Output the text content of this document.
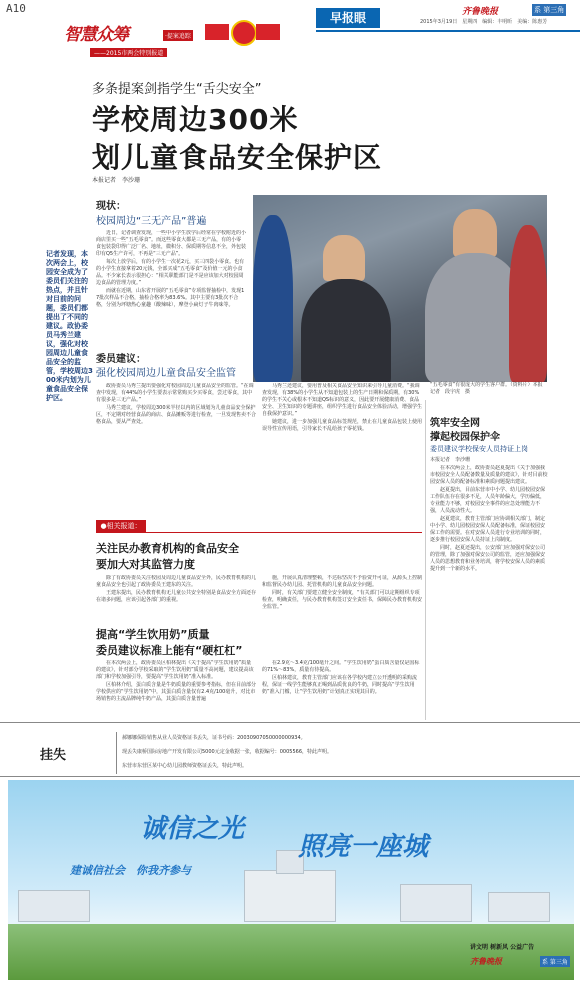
A10
智慧众筹	·提案追踪
——2015市两会特别报道
早报眼	齐鲁晚报	系 第三角
2015年3月19日　星期四　编辑：丰明昕　美编：陈惠芳
多条提案剑指学生“舌尖安全”
学校周边300米
划儿童食品安全保护区
本报记者　李沙珊
记者发现，本次两会上，校园安全成为了委员们关注的热点，并且针对目前的问题，委员们都提出了不同的建议。政协委员马秀兰建议，强化对校园周边儿童食品安全的监管，学校周边300米内划为儿童食品安全保护区。
现状：
校园周边“三无产品”普遍

近日，记者调查发现，一些中小学生放学后经常在学校附近的小商店里买一些“五毛零食”。而这些零食大都是三无产品，有的小零食包装袋印得广泛厂名、地址，微积分、保质期等信息不全，外包装印有Q5生产许可，不再是“三无产品”。

每次上放学后，有的小学生一次花2元，买三四袋小零食。也有的小学生直接拿着20元钱，全部买成“五毛零食”及价值一元的小食品。不少家长表示很担心：“相关职能部门是不是应该加大对校园周边食品的管理力度。”

而就在近期，山东省开展的“五毛零食”专项监督抽检中，发现17批次样品不合格，抽检合格率为83.6%。其中主要有3批次不合格，分别为坪塘热心童趣（酸辣味），摩登小扁灯子牛肉味等。

“五毛零食”有很庞大的学生客户群。（资料片）本报记者　段宇虎　摄
委员建议：
强化校园周边儿童食品安全监管

政协委员马秀兰提出要强化对校园周边儿童食品安全的监管。“在调查中发现，有44%的小学生要表示常常购买少买零食，尝过零食，其中有很多是三无产品。”

马秀兰建议，学校周边300米半径以内的区域划为儿童食品安全保护区，不定期对经营食品的商店、食品摊贩等进行检查，一旦发现售卖不合格食品，要从严查处。

马秀兰还建议，要用普及相关食品安全知识来引导儿童消费。“我调查发现，有38%的小学生从不知道包装上的生产日期和保质期，有30%的学生不关心或根本不知道QS标识的意义，因此要开展健康消费、食品安全、卫生知识的专题讲座，组织学生进行食品安全体验活动，增强学生自我保护意识。”

她建议，进一步加强儿童食品标签规范，禁止在儿童食品包装上使用误导性宣传用语，引导家长不乱给孩子零花钱。

●相关报道：
关注民办教育机构的食品安全
要加大对其监管力度

除了有政协委员关注校园及周边儿童食品安全外，民办教育机构的儿童食品安全也引起了政协委员王建东的关注。

王建东提出，民办教育机构无儿童公共安全特别是食品安全方面还存在诸多问题，应该引起各部门的重视。

施，开展认真清理整顿，不达标坚决不予验资开可证，从源头上控制和监督民办幼儿园、托管机构的儿童食品安全问题。

同时，有关部门要建立健全安全制度，“有关部门可以定期组织专项检查，明确责任，与民办教育机构签订安全责任书，保障民办教育机构安全监管。”

提高“学生饮用奶”质量
委员建议标准上能有“硬杠杠”

在本次两会上，政协委员区柏林提出《关于提高“学生饮用奶”质量的建议》，针对部分学校采取的“学生饮用奶”质量不高问题，建议提高该部门和学校加强引导，要提高“学生饮用奶”准入标准。

区柏林介绍，蛋白质含量是牛奶质量的重要参考指标，但在目前部分学校供应的“学生饮用奶”中，其蛋白质含量仅有2.4克/100毫升，对比市场销售的主流品牌纯牛奶产品，其蛋白质含量普遍

在2.9克～3.4克/100毫升之间。“学生饮用奶”蛋白质含量仅是国标的71%～83%，质量有待提高。

区柏林建议，教育主管部门应该在各学校内建立公开透明的采购流程，保证一线学生能够真正喝到品质优良的牛奶，同时提高“学生饮用奶”准入门槛，让“学生饮用奶”计划真正实现其目的。

筑牢安全网
撑起校园保护伞
委员建议学校保安人员持证上岗
本报记者　李沙珊

在本次两会上，政协委员赵夏提出《关于加强我市校园安全人员配备数量及质量的建议》，针对目前校园安保人员的配备标准和素质问题提出建议。

赵夏提出，目前东营市中小学、幼儿园校园安保工作队伍存在很多不足，人员年龄偏大，学历偏低，专业能力不够，对校园安全事件的应急处理能力不强，人员流动性大。

赵夏建议，教育主管部门应协调相关部门，制定中小学、幼儿园校园安保人员配备标准，保证校园安保工作的需要。在对安保人员进行专业培训的同时，逐步推行校园安保人员持证上岗制度。

同时，赵夏还提出，公安部门应加强对保安公司的管理，除了加强对保安公司的监管，还应加强保安人员的思想教育和业务培训，将学校安保人员的素质提升到一个新的水平。

挂失
郝娜娜保险销售从业人员资格证书丢失，证书号码：20030907050000000934。
现丢失康桥国际房地产开发有限公司5000元定金收据一张，收据编号：0005566，特此声明。
东营市东营区某中心幼儿园教师资格证丢失，特此声明。
诚信之光
照亮一座城
建诚信社会　你我齐参与
讲文明 树新风 公益广告
齐鲁晚报	系 第三角
